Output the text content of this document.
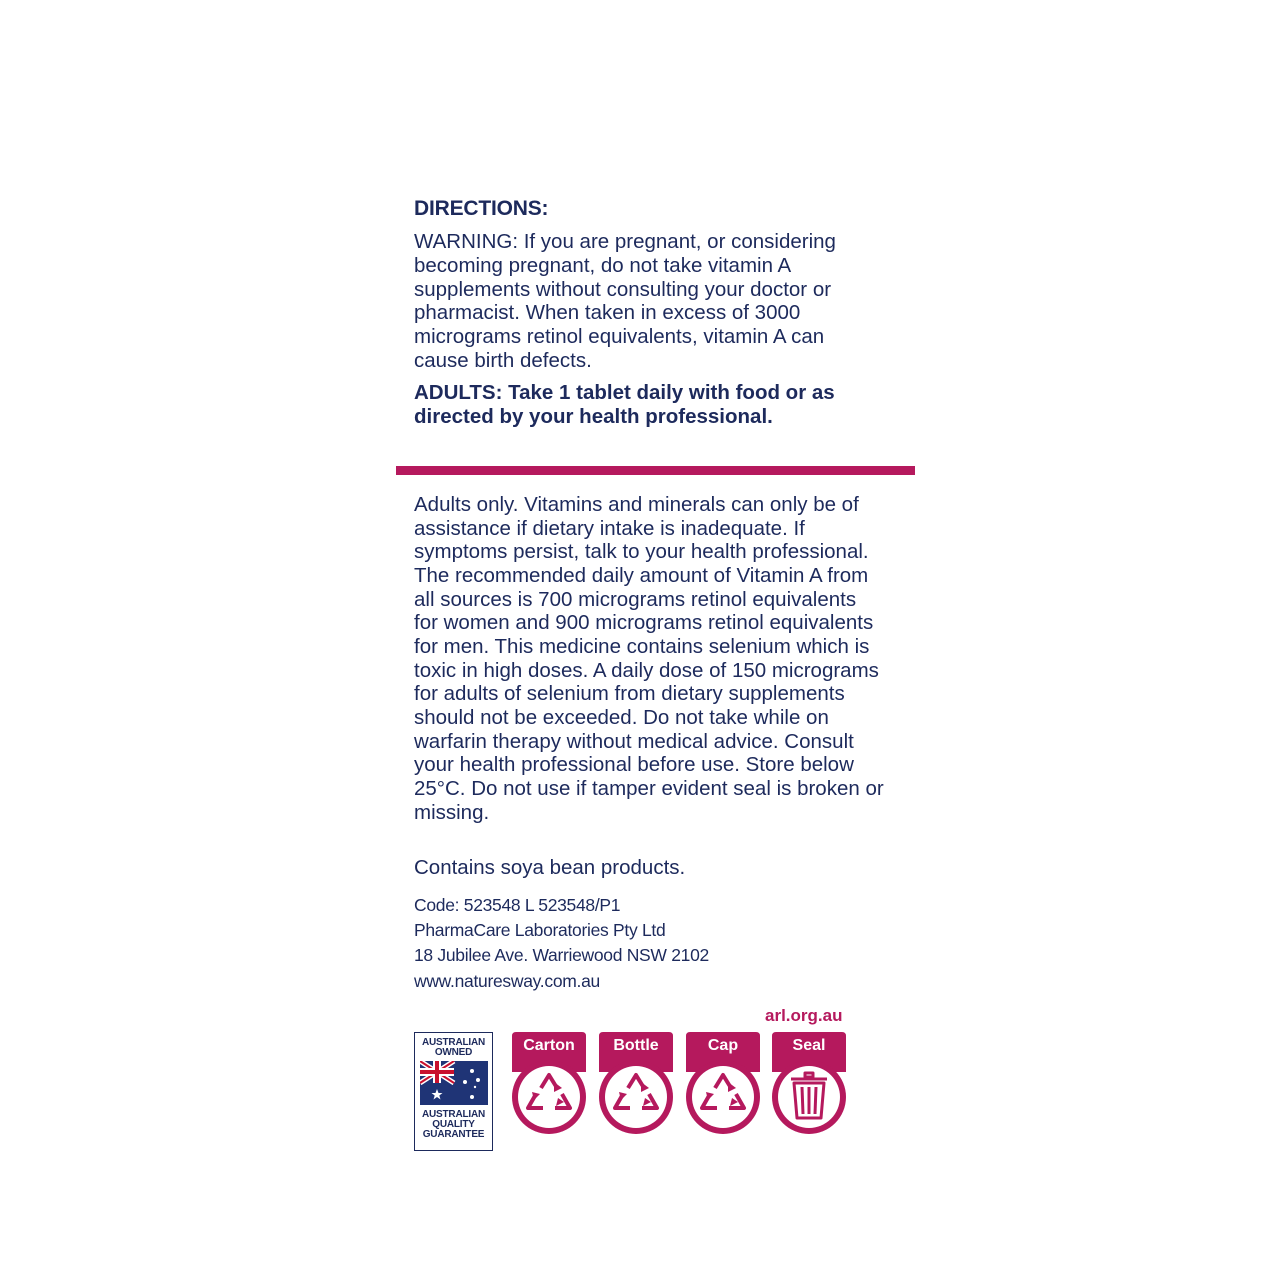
DIRECTIONS:

WARNING: If you are pregnant, or considering becoming pregnant, do not take vitamin A supplements without consulting your doctor or pharmacist. When taken in excess of 3000 micrograms retinol equivalents, vitamin A can cause birth defects.

ADULTS: Take 1 tablet daily with food or as directed by your health professional.

Adults only. Vitamins and minerals can only be of assistance if dietary intake is inadequate. If symptoms persist, talk to your health professional. The recommended daily amount of Vitamin A from all sources is 700 micrograms retinol equivalents for women and 900 micrograms retinol equivalents for men. This medicine contains selenium which is toxic in high doses. A daily dose of 150 micrograms for adults of selenium from dietary supplements should not be exceeded. Do not take while on warfarin therapy without medical advice. Consult your health professional before use. Store below 25°C. Do not use if tamper evident seal is broken or missing.

Contains soya bean products.

Code: 523548 L 523548/P1
PharmaCare Laboratories Pty Ltd
18 Jubilee Ave. Warriewood NSW 2102
www.naturesway.com.au
arl.org.au
AUSTRALIAN
OWNED
AUSTRALIAN
QUALITY
GUARANTEE
Carton	Bottle	Cap	Seal
